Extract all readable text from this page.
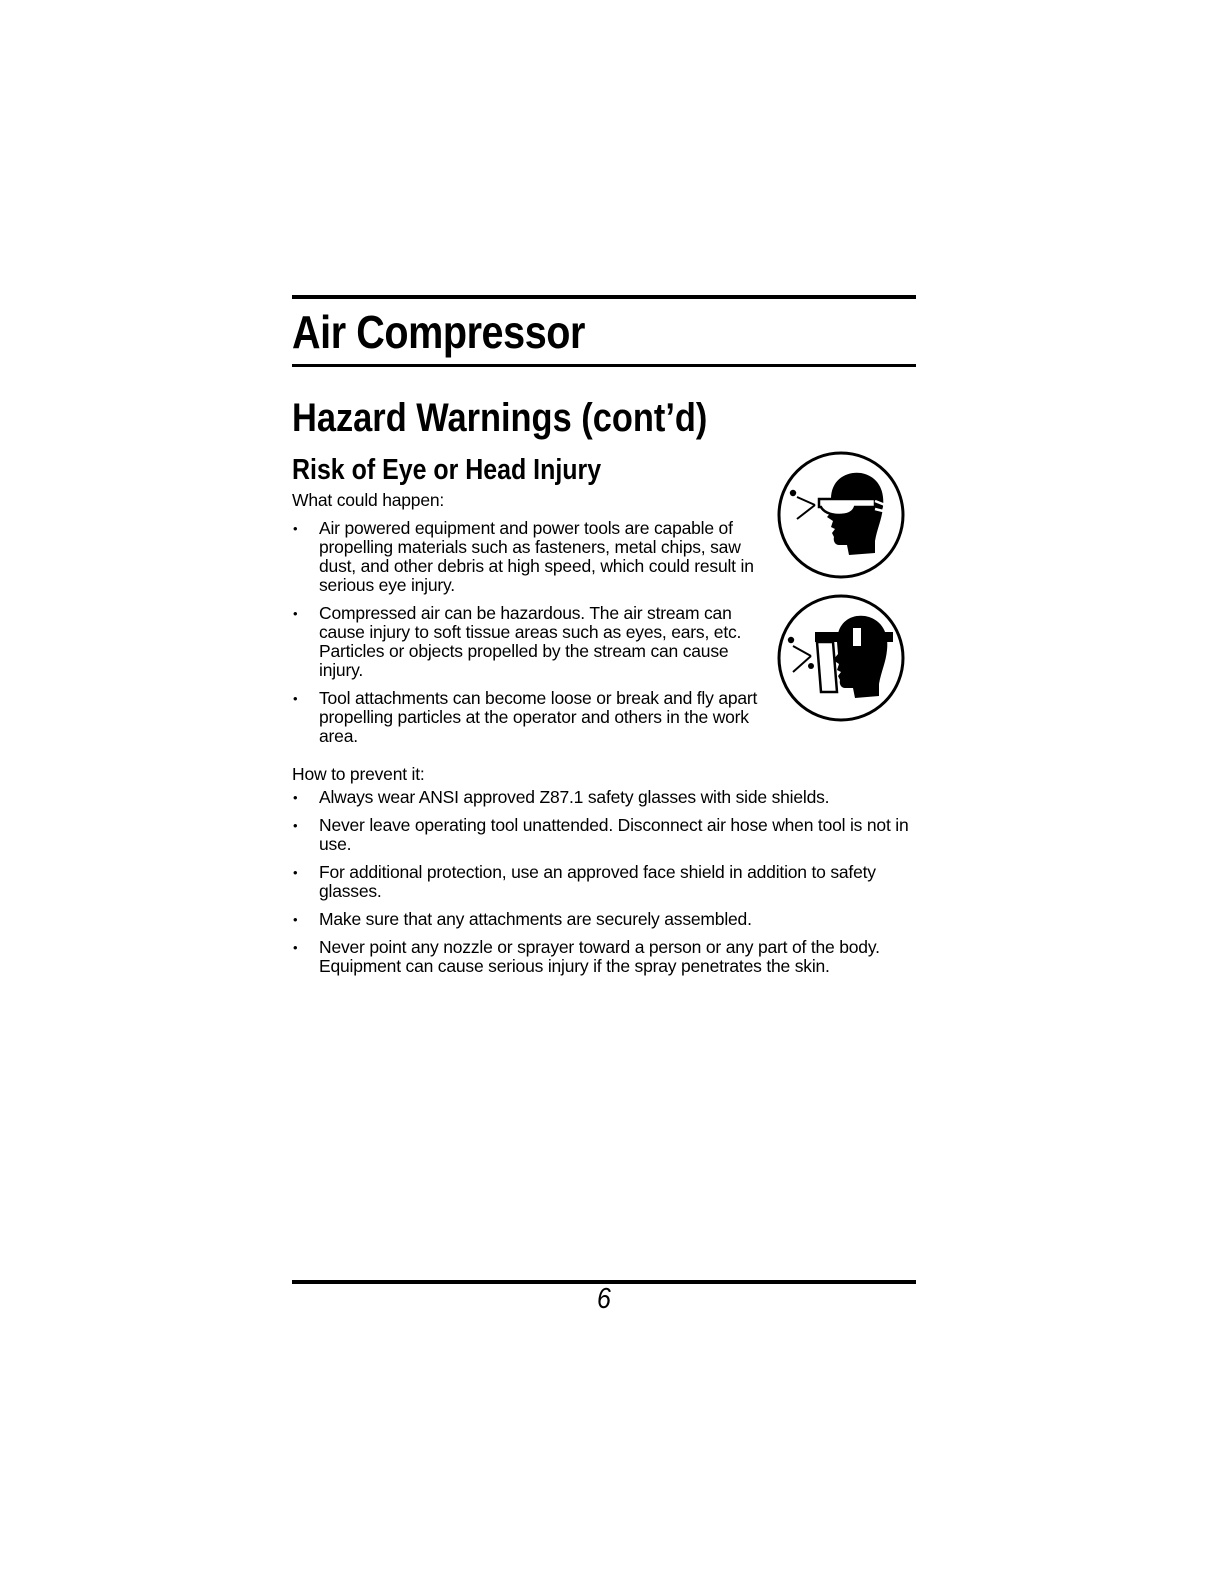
Air Compressor
Hazard Warnings (cont’d)
Risk of Eye or Head Injury

What could happen:

• Air powered equipment and power tools are capable of propelling materials such as fasteners, metal chips, saw dust, and other debris at high speed, which could result in serious eye injury.
• Compressed air can be hazardous. The air stream can cause injury to soft tissue areas such as eyes, ears, etc. Particles or objects propelled by the stream can cause injury.
• Tool attachments can become loose or break and fly apart propelling particles at the operator and others in the work area.

How to prevent it:

• Always wear ANSI approved Z87.1 safety glasses with side shields.
• Never leave operating tool unattended. Disconnect air hose when tool is not in use.
• For additional protection, use an approved face shield in addition to safety glasses.
• Make sure that any attachments are securely assembled.
• Never point any nozzle or sprayer toward a person or any part of the body. Equipment can cause serious injury if the spray penetrates the skin.
6
